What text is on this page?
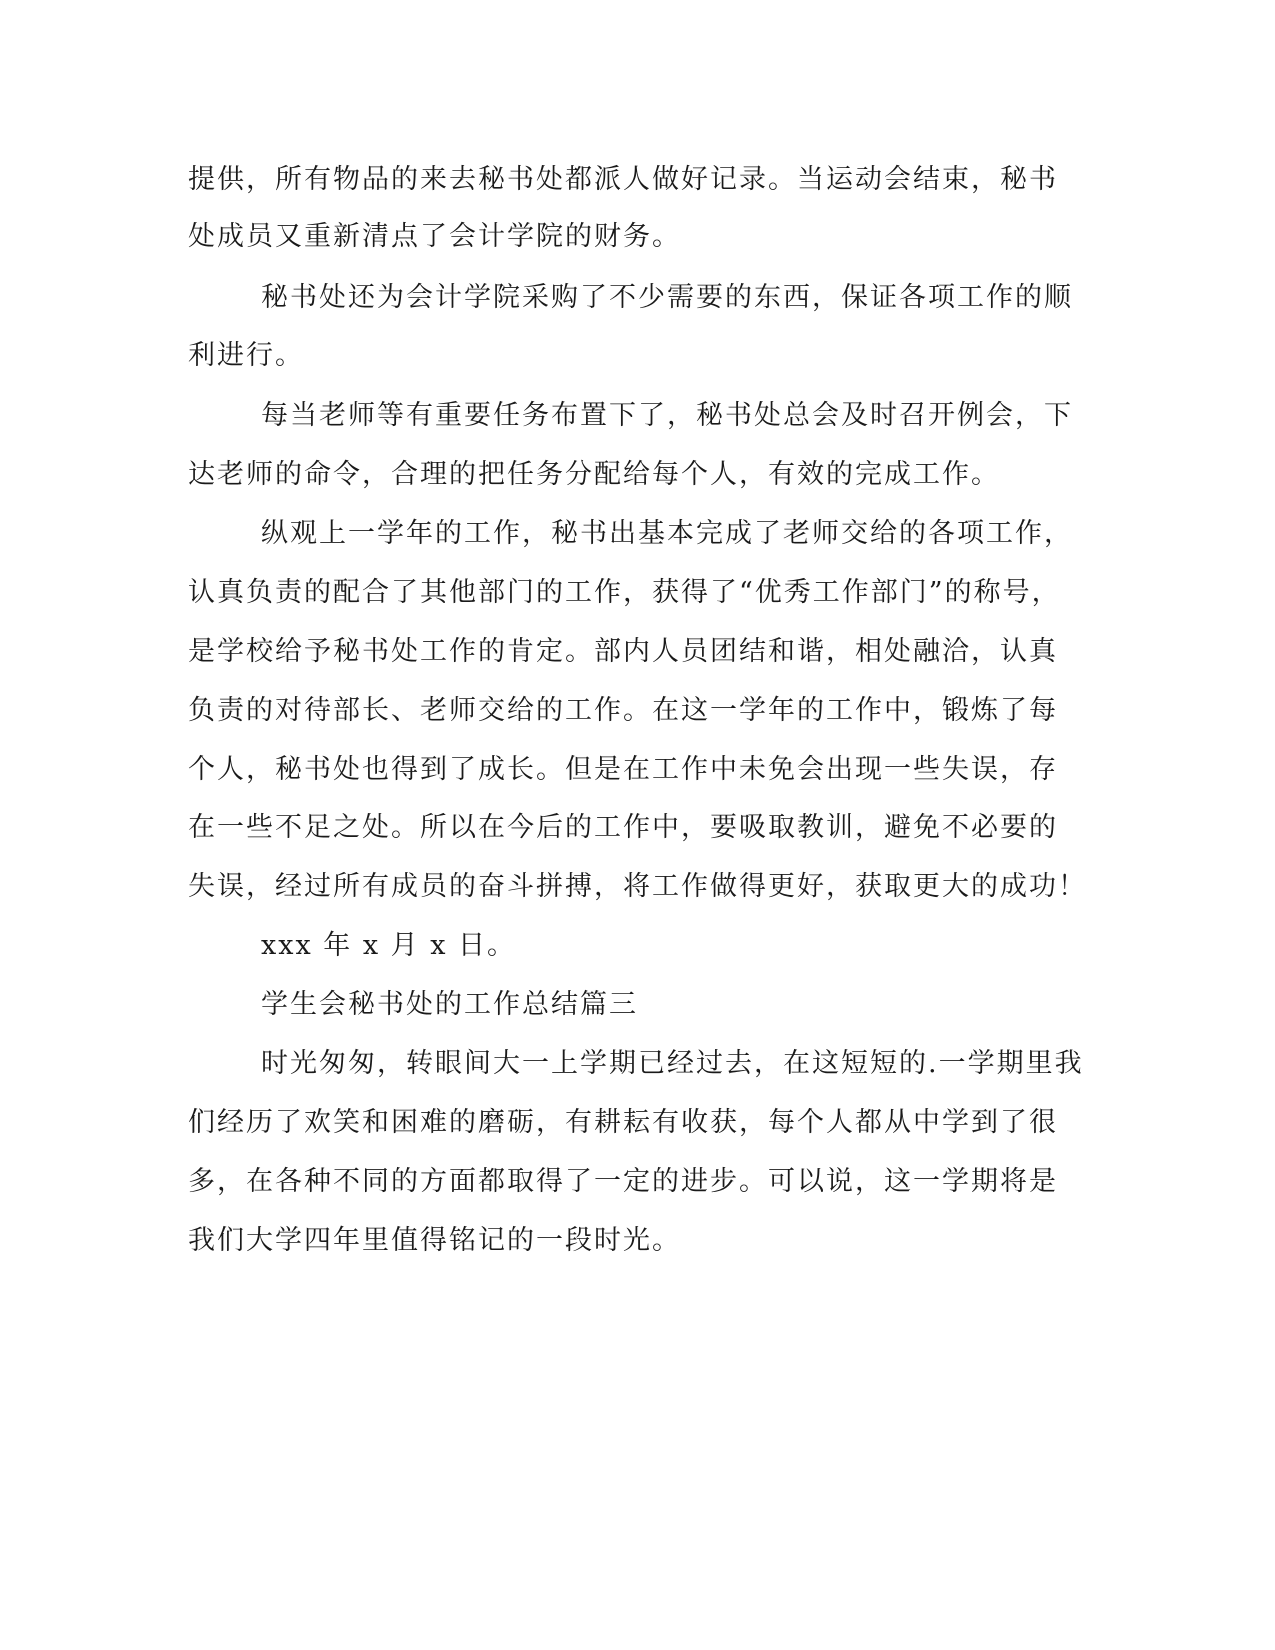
提供，所有物品的来去秘书处都派人做好记录。当运动会结束，秘书
处成员又重新清点了会计学院的财务。
秘书处还为会计学院采购了不少需要的东西，保证各项工作的顺
利进行。
每当老师等有重要任务布置下了，秘书处总会及时召开例会，下
达老师的命令，合理的把任务分配给每个人，有效的完成工作。
纵观上一学年的工作，秘书出基本完成了老师交给的各项工作，
认真负责的配合了其他部门的工作，获得了“优秀工作部门”的称号，
是学校给予秘书处工作的肯定。部内人员团结和谐，相处融洽，认真
负责的对待部长、老师交给的工作。在这一学年的工作中，锻炼了每
个人，秘书处也得到了成长。但是在工作中未免会出现一些失误，存
在一些不足之处。所以在今后的工作中，要吸取教训，避免不必要的
失误，经过所有成员的奋斗拼搏，将工作做得更好，获取更大的成功！
xxx 年 x 月 x 日。
学生会秘书处的工作总结篇三
时光匆匆，转眼间大一上学期已经过去，在这短短的.一学期里我
们经历了欢笑和困难的磨砺，有耕耘有收获，每个人都从中学到了很
多，在各种不同的方面都取得了一定的进步。可以说，这一学期将是
我们大学四年里值得铭记的一段时光。
